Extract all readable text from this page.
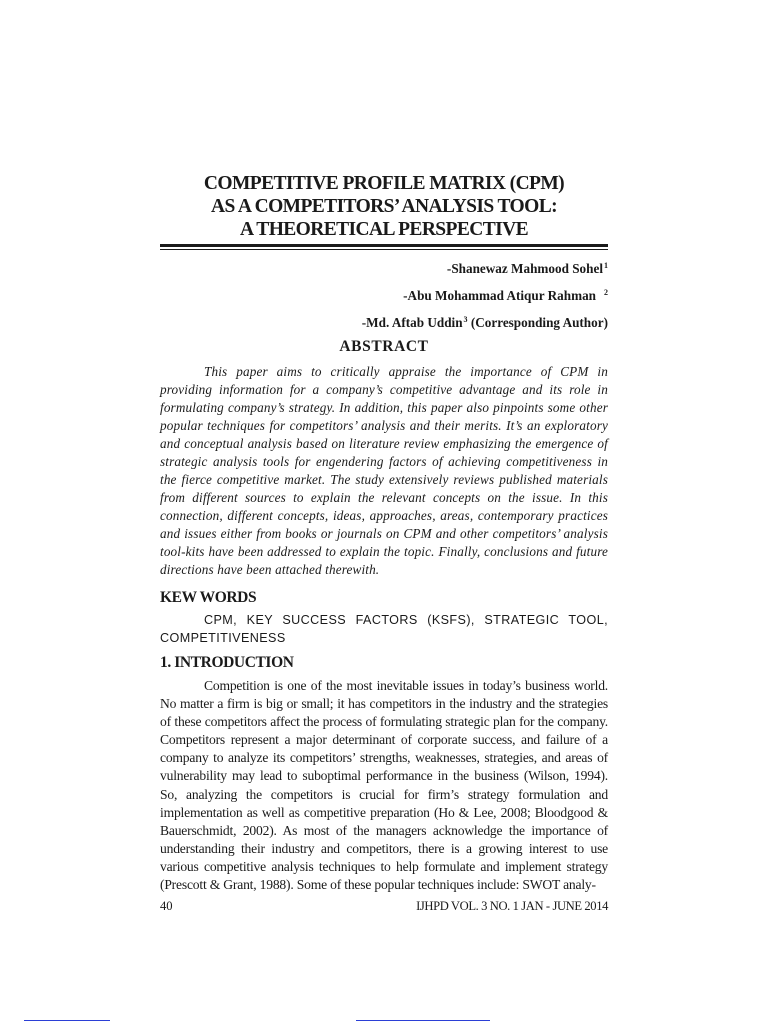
COMPETITIVE PROFILE MATRIX (CPM)
AS A COMPETITORS’ ANALYSIS TOOL:
A THEORETICAL PERSPECTIVE
-Shanewaz Mahmood Sohel$^1$
-Abu Mohammad Atiqur Rahman $^2$
-Md. Aftab Uddin$^3$ (Corresponding Author)
ABSTRACT

This paper aims to critically appraise the importance of CPM in providing information for a company’s competitive advantage and its role in formulating company’s strategy. In addition, this paper also pinpoints some other popular techniques for competitors’ analysis and their merits. It’s an exploratory and conceptual analysis based on literature review emphasizing the emergence of strategic analysis tools for engendering factors of achieving competitiveness in the fierce competitive market. The study extensively reviews published materials from different sources to explain the relevant concepts on the issue. In this connection, different concepts, ideas, approaches, areas, contemporary practices and issues either from books or journals on CPM and other competitors’ analysis tool-kits have been addressed to explain the topic. Finally, conclusions and future directions have been attached therewith.

KEW WORDS
CPM, KEY SUCCESS FACTORS (KSFS), STRATEGIC TOOL, COMPETITIVENESS
1. INTRODUCTION

Competition is one of the most inevitable issues in today’s business world. No matter a firm is big or small; it has competitors in the industry and the strategies of these competitors affect the process of formulating strategic plan for the company. Competitors represent a major determinant of corporate success, and failure of a company to analyze its competitors’ strengths, weaknesses, strategies, and areas of vulnerability may lead to suboptimal performance in the business (Wilson, 1994). So, analyzing the competitors is crucial for firm’s strategy formulation and implementation as well as competitive preparation (Ho & Lee, 2008; Bloodgood & Bauerschmidt, 2002). As most of the managers acknowledge the importance of understanding their industry and competitors, there is a growing interest to use various competitive analysis techniques to help formulate and implement strategy (Prescott & Grant, 1988). Some of these popular techniques include: SWOT analy-

40	IJHPD VOL. 3 NO. 1 JAN - JUNE 2014
